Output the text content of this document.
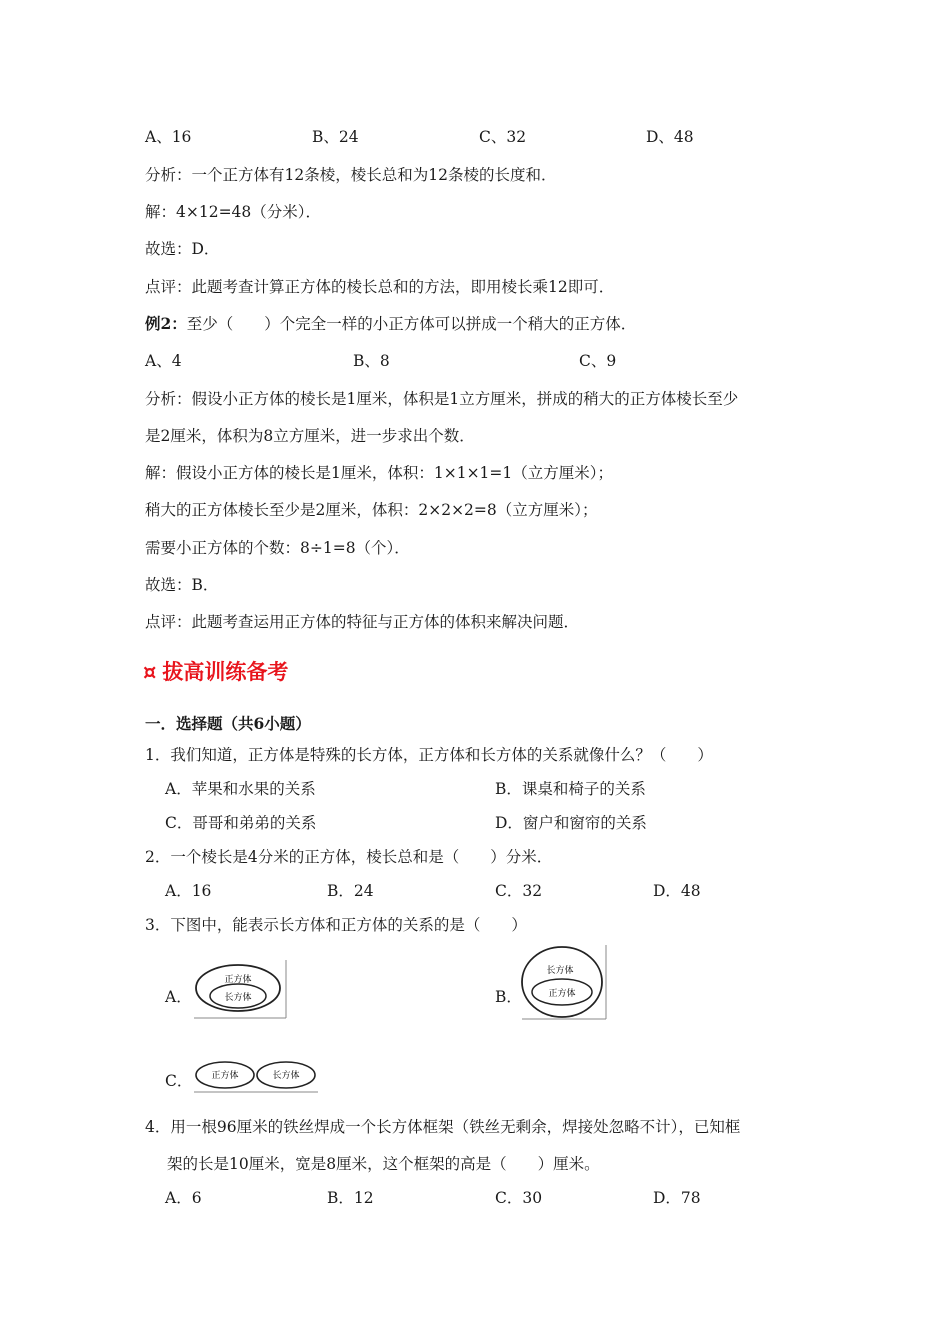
A、16	B、24	C、32	D、48
分析：一个正方体有12条棱，棱长总和为12条棱的长度和．
解：4×12=48（分米）．
故选：D．
点评：此题考查计算正方体的棱长总和的方法，即用棱长乘12即可．
例2：至少（　　）个完全一样的小正方体可以拼成一个稍大的正方体．
A、4	B、8	C、9
分析：假设小正方体的棱长是1厘米，体积是1立方厘米，拼成的稍大的正方体棱长至少
是2厘米，体积为8立方厘米，进一步求出个数．
解：假设小正方体的棱长是1厘米，体积：1×1×1=1（立方厘米）；
稍大的正方体棱长至少是2厘米，体积：2×2×2=8（立方厘米）；
需要小正方体的个数：8÷1=8（个）．
故选：B．
点评：此题考查运用正方体的特征与正方体的体积来解决问题．
¤ 拔高训练备考
一．选择题（共6小题）
1．我们知道，正方体是特殊的长方体，正方体和长方体的关系就像什么？（　　）
A．苹果和水果的关系	B．课桌和椅子的关系
C．哥哥和弟弟的关系	D．窗户和窗帘的关系
2．一个棱长是4分米的正方体，棱长总和是（　　）分米．
A．16	B．24	C．32	D．48
3．下图中，能表示长方体和正方体的关系的是（　　）
A．
正方体
长方体	B．
长方体
正方体
C． 正方体	长方体
4．用一根96厘米的铁丝焊成一个长方体框架（铁丝无剩余，焊接处忽略不计），已知框
架的长是10厘米，宽是8厘米，这个框架的高是（　　）厘米。
A．6	B．12	C．30	D．78
